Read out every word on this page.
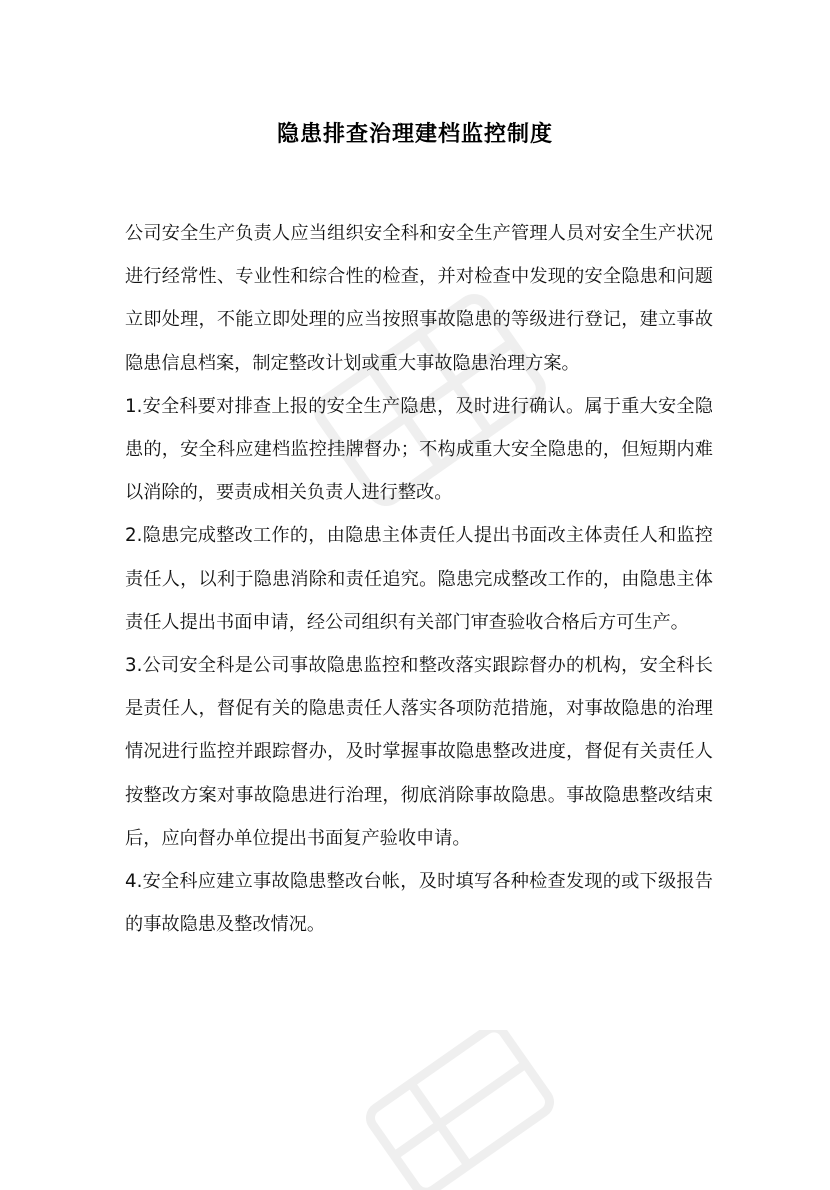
隐患排查治理建档监控制度

公司安全生产负责人应当组织安全科和安全生产管理人员对安全生产状况进行经常性、专业性和综合性的检查，并对检查中发现的安全隐患和问题立即处理，不能立即处理的应当按照事故隐患的等级进行登记，建立事故隐患信息档案，制定整改计划或重大事故隐患治理方案。

1.安全科要对排查上报的安全生产隐患，及时进行确认。属于重大安全隐患的，安全科应建档监控挂牌督办；不构成重大安全隐患的，但短期内难以消除的，要责成相关负责人进行整改。

2.隐患完成整改工作的，由隐患主体责任人提出书面改主体责任人和监控责任人，以利于隐患消除和责任追究。隐患完成整改工作的，由隐患主体责任人提出书面申请，经公司组织有关部门审查验收合格后方可生产。

3.公司安全科是公司事故隐患监控和整改落实跟踪督办的机构，安全科长是责任人，督促有关的隐患责任人落实各项防范措施，对事故隐患的治理情况进行监控并跟踪督办，及时掌握事故隐患整改进度，督促有关责任人按整改方案对事故隐患进行治理，彻底消除事故隐患。事故隐患整改结束后，应向督办单位提出书面复产验收申请。

4.安全科应建立事故隐患整改台帐，及时填写各种检查发现的或下级报告的事故隐患及整改情况。
